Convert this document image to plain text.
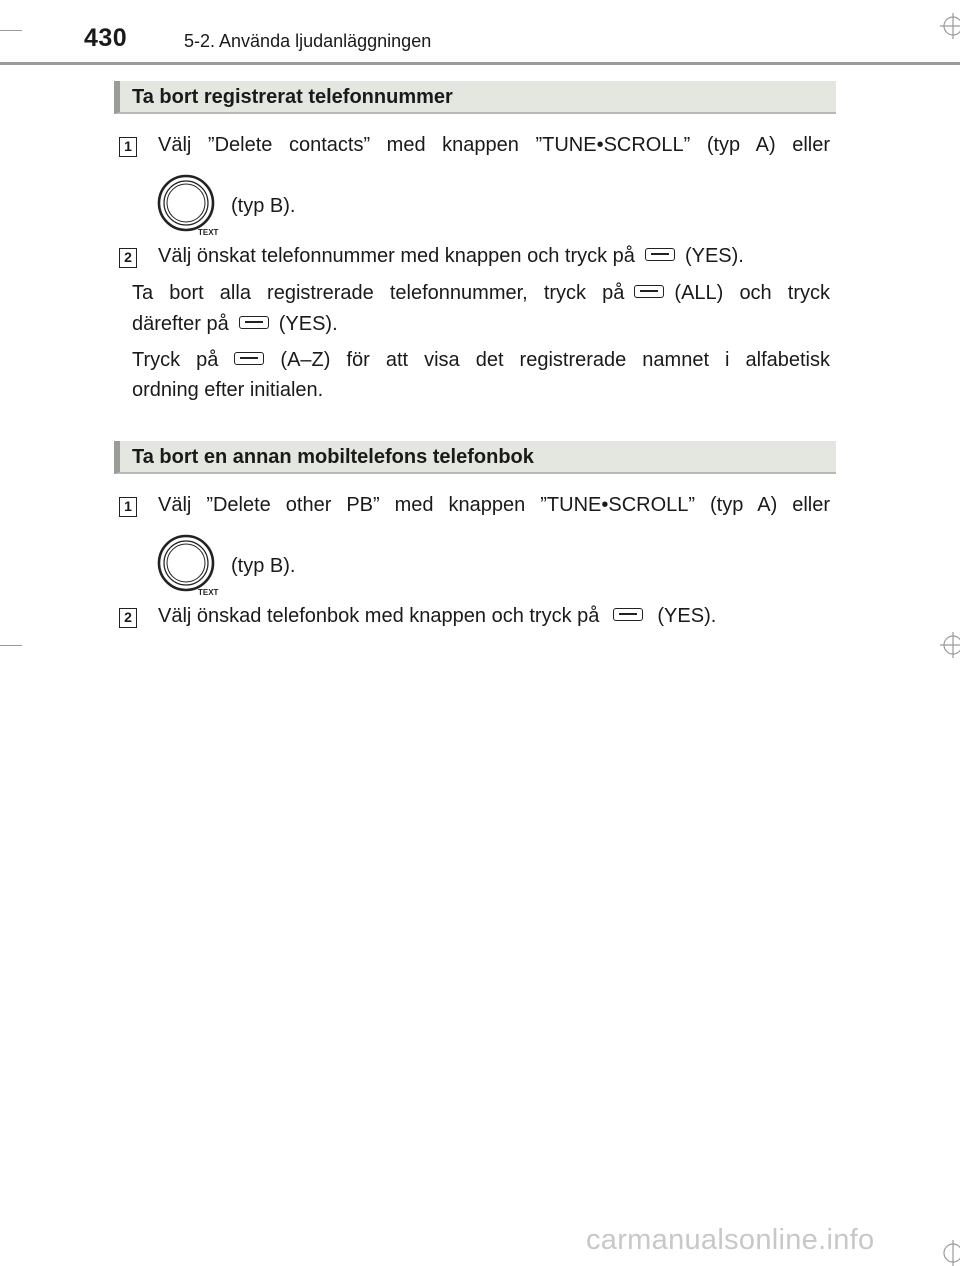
430	5-2. Använda ljudanläggningen
Ta bort registrerat telefonnummer
1 Välj ”Delete contacts” med knappen ”TUNE•SCROLL” (typ A) eller
TEXT
(typ B).
2 Välj önskat telefonnummer med knappen och tryck på	(YES).
Ta bort alla registrerade telefonnummer, tryck på	(ALL) och tryck
därefter på	(YES).
Tryck på	(A–Z) för att visa det registrerade namnet i alfabetisk
ordning efter initialen.
Ta bort en annan mobiltelefons telefonbok
1 Välj ”Delete other PB” med knappen ”TUNE•SCROLL” (typ A) eller
TEXT
(typ B).
2 Välj önskad telefonbok med knappen och tryck på	(YES).
carmanualsonline.info
